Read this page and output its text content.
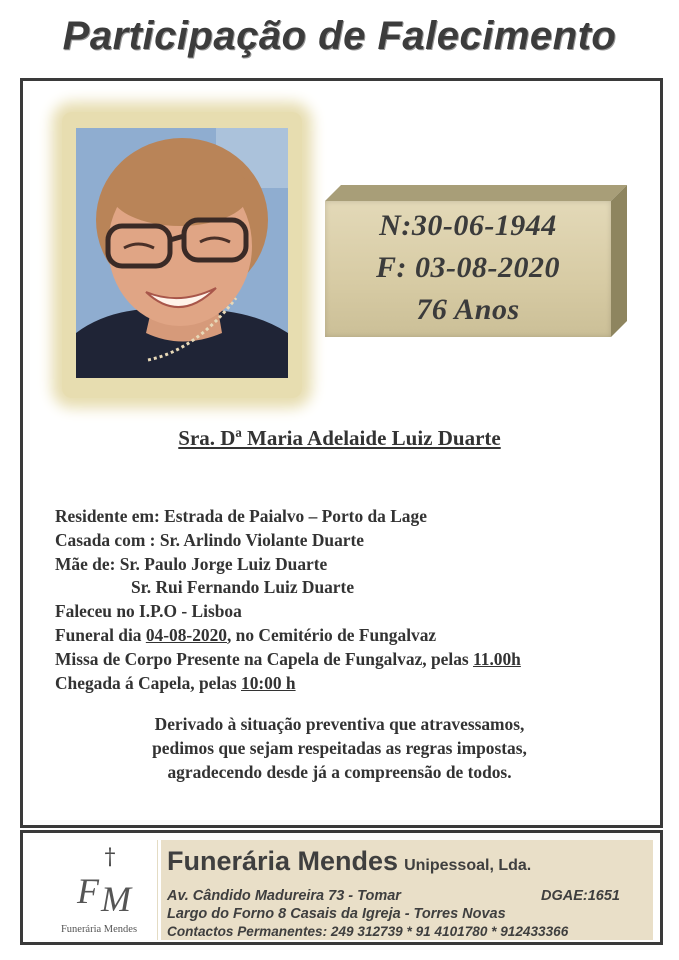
Participação de Falecimento
N:30-06-1944
F: 03-08-2020
76 Anos
Sra. Dª Maria Adelaide Luiz Duarte
Residente em: Estrada de Paialvo – Porto da Lage
Casada com : Sr. Arlindo Violante Duarte
Mãe de: Sr. Paulo Jorge Luiz Duarte
Sr. Rui Fernando Luiz Duarte
Faleceu no I.P.O - Lisboa
Funeral dia 04-08-2020, no Cemitério de Fungalvaz
Missa de Corpo Presente na Capela de Fungalvaz, pelas 11.00h
Chegada á Capela, pelas 10:00 h
Derivado à situação preventiva que atravessamos,
pedimos que sejam respeitadas as regras impostas,
agradecendo desde já a compreensão de todos.
†
F M
Funerária Mendes
Funerária Mendes Unipessoal, Lda.
Av. Cândido Madureira 73 - Tomar	DGAE:1651
Largo do Forno 8 Casais da Igreja - Torres Novas
Contactos Permanentes: 249 312739 * 91 4101780 * 912433366
